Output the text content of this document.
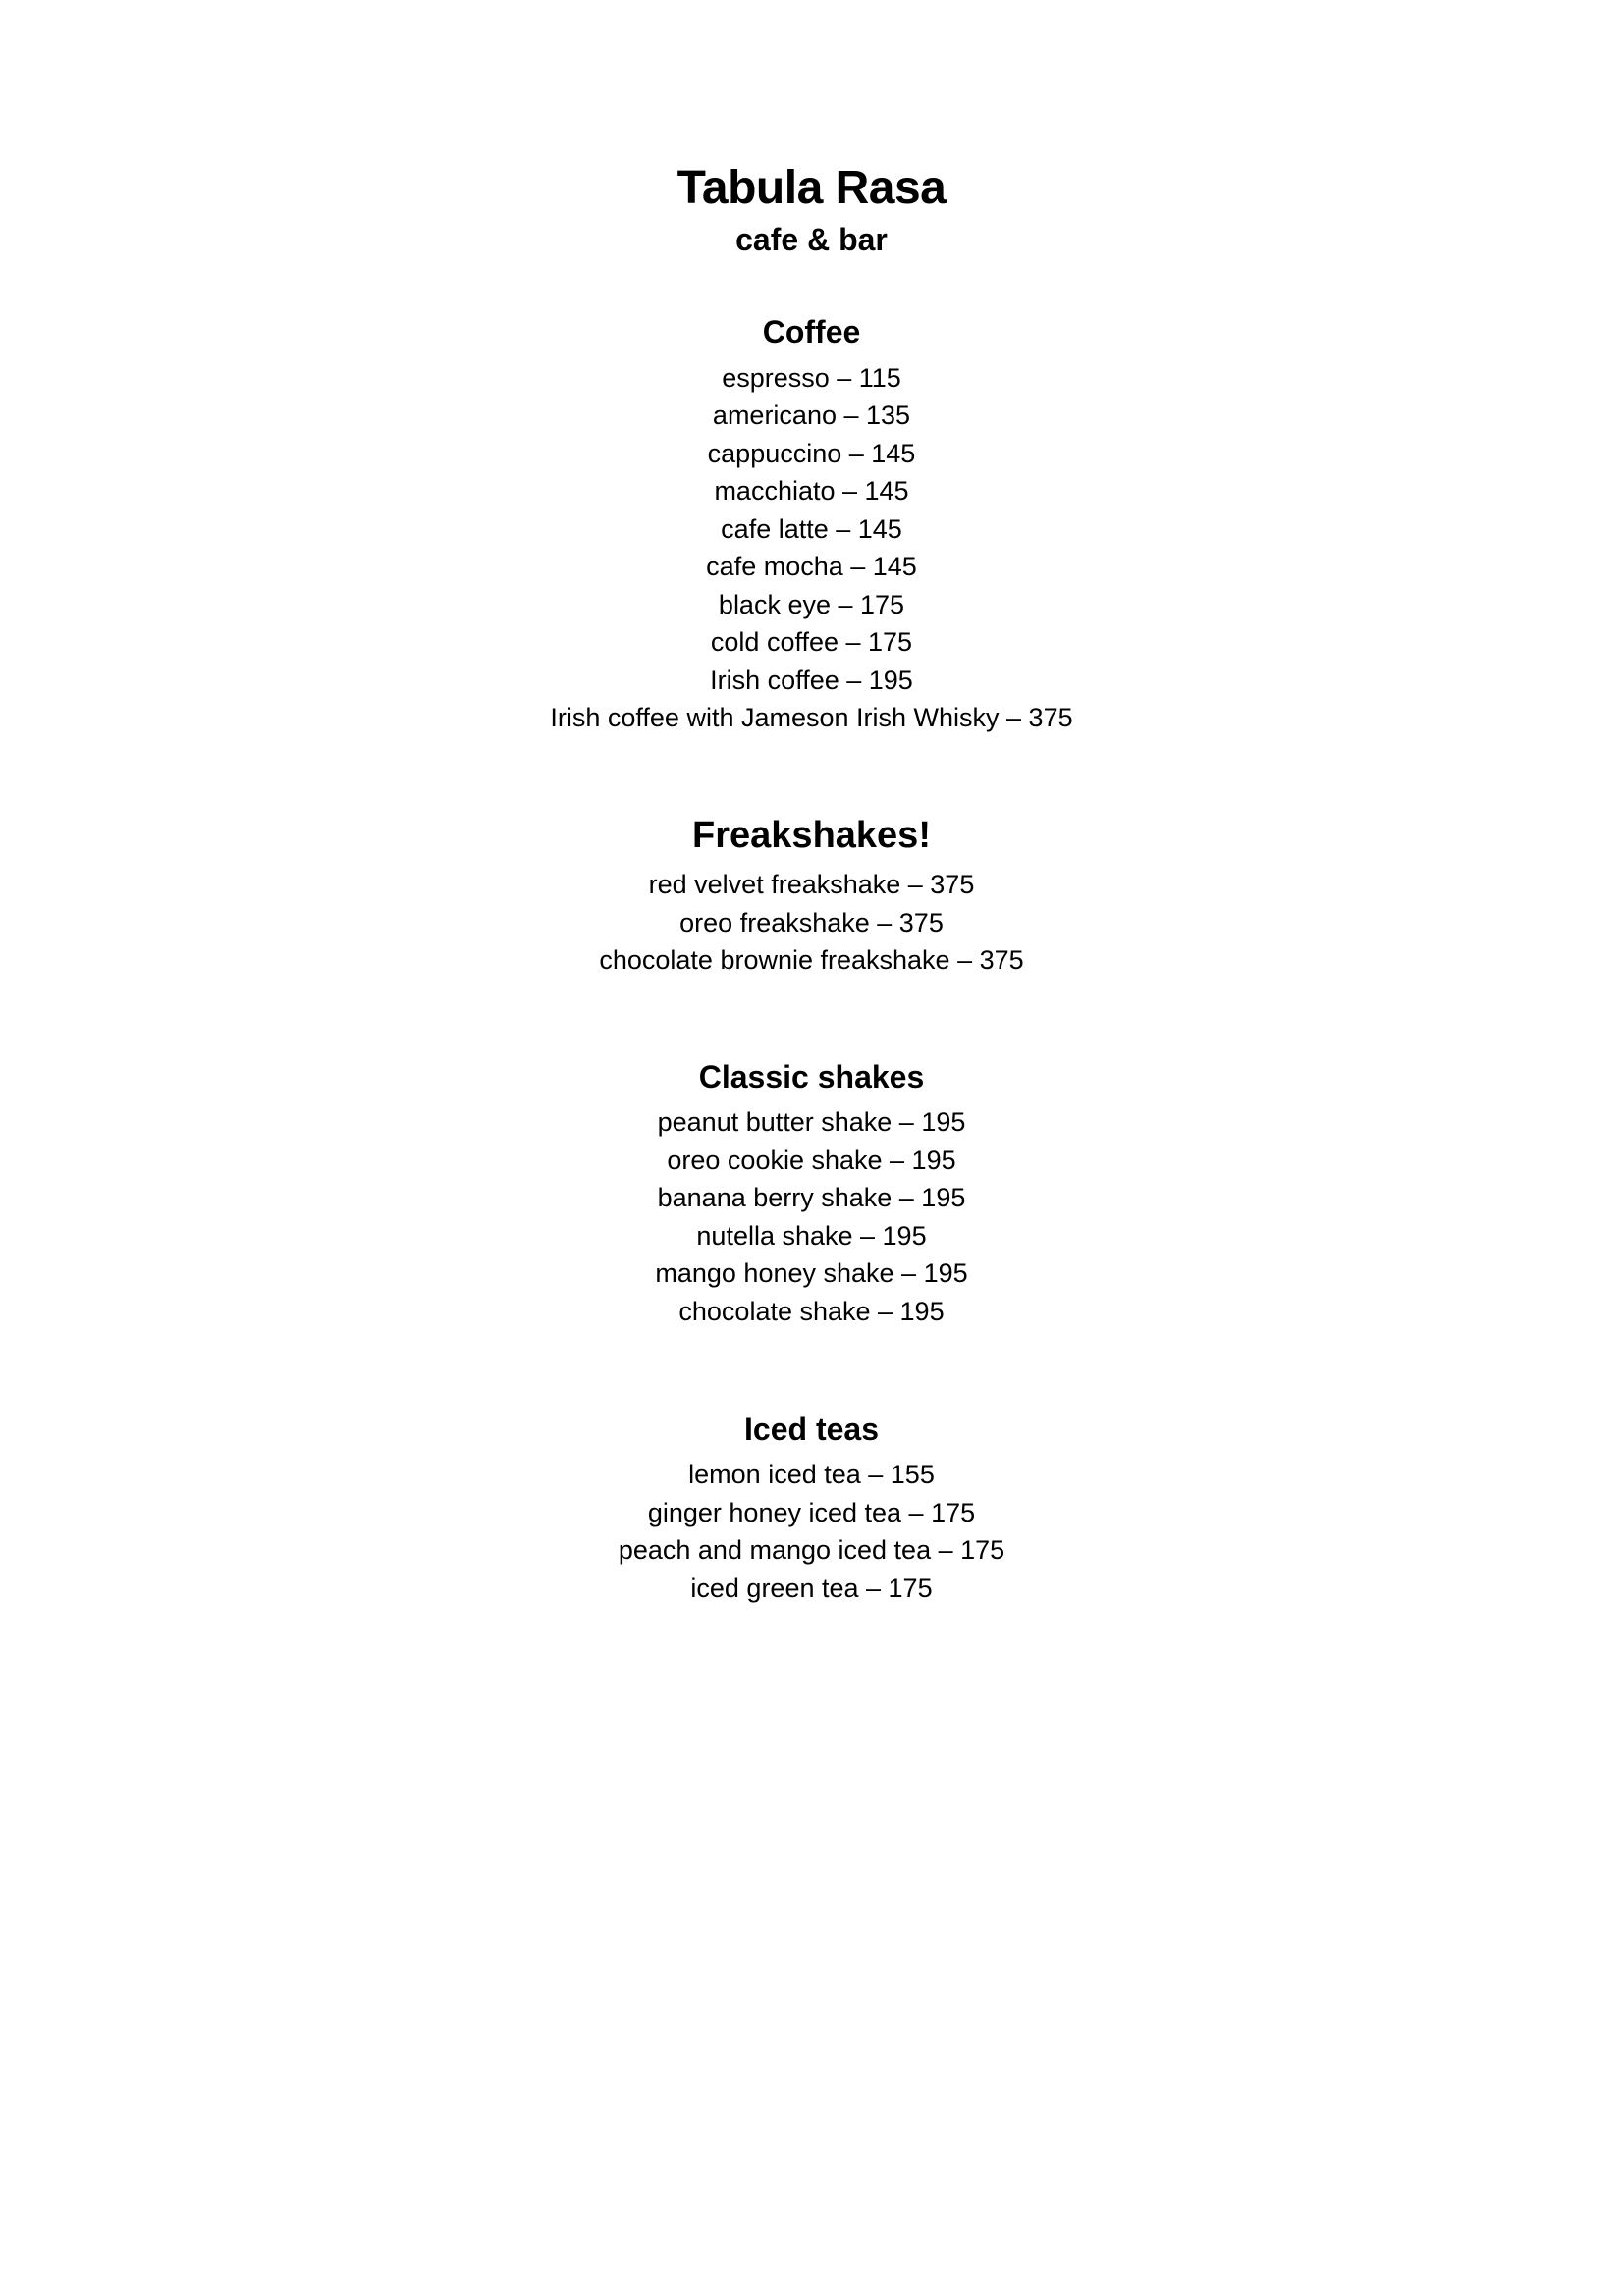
Tabula Rasa
cafe & bar
Coffee
espresso – 115
americano – 135
cappuccino – 145
macchiato – 145
cafe latte – 145
cafe mocha – 145
black eye – 175
cold coffee – 175
Irish coffee – 195
Irish coffee with Jameson Irish Whisky – 375
Freakshakes!
red velvet freakshake – 375
oreo freakshake – 375
chocolate brownie freakshake – 375
Classic shakes
peanut butter shake – 195
oreo cookie shake – 195
banana berry shake – 195
nutella shake – 195
mango honey shake – 195
chocolate shake – 195
Iced teas
lemon iced tea – 155
ginger honey iced tea – 175
peach and mango iced tea – 175
iced green tea – 175
